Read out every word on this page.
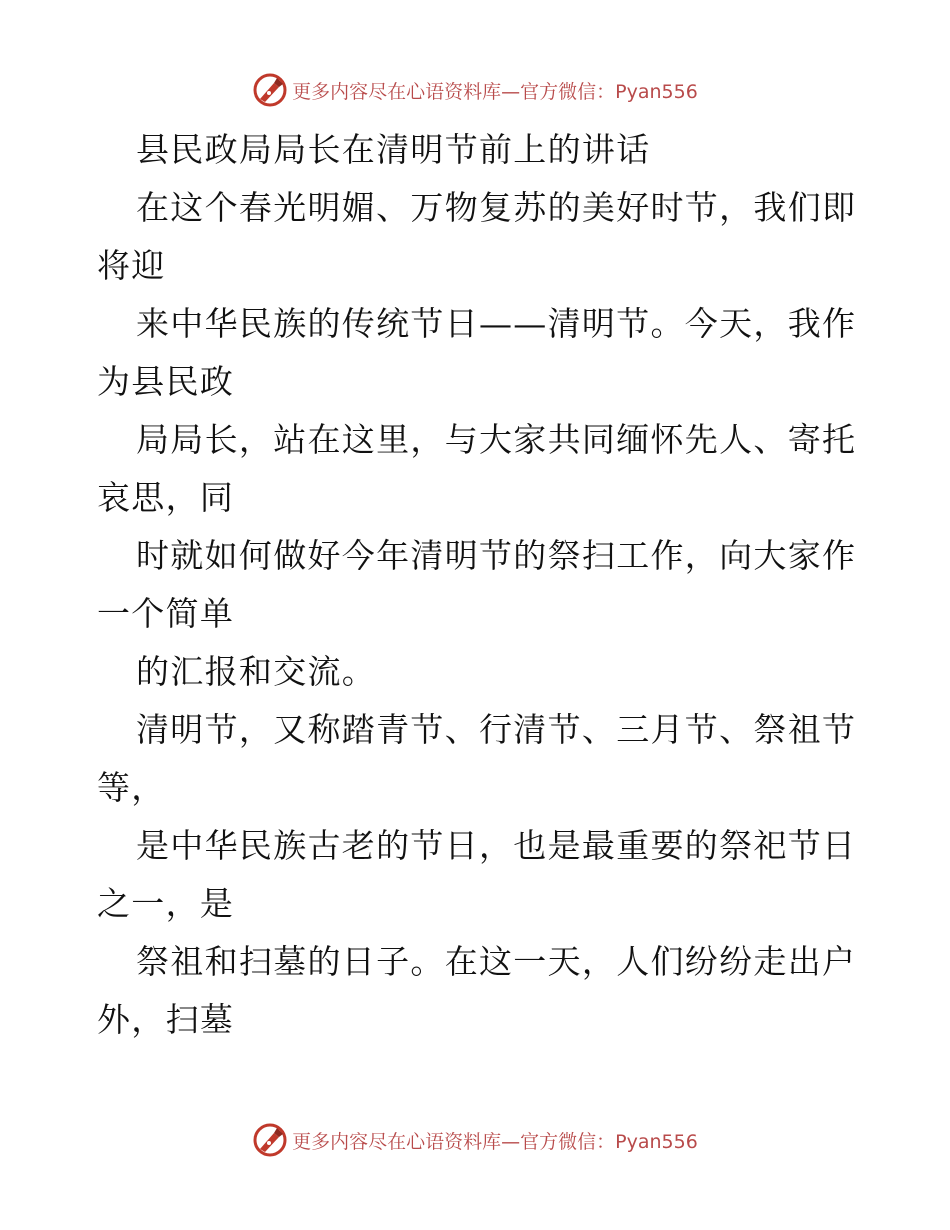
更多内容尽在心语资料库—官方微信：Pyan556
县民政局局长在清明节前上的讲话
在这个春光明媚、万物复苏的美好时节，我们即
将迎
来中华民族的传统节日——清明节。今天，我作
为县民政
局局长，站在这里，与大家共同缅怀先人、寄托
哀思，同
时就如何做好今年清明节的祭扫工作，向大家作
一个简单
的汇报和交流。
清明节，又称踏青节、行清节、三月节、祭祖节
等，
是中华民族古老的节日，也是最重要的祭祀节日
之一，是
祭祖和扫墓的日子。在这一天，人们纷纷走出户
外，扫墓
更多内容尽在心语资料库—官方微信：Pyan556
